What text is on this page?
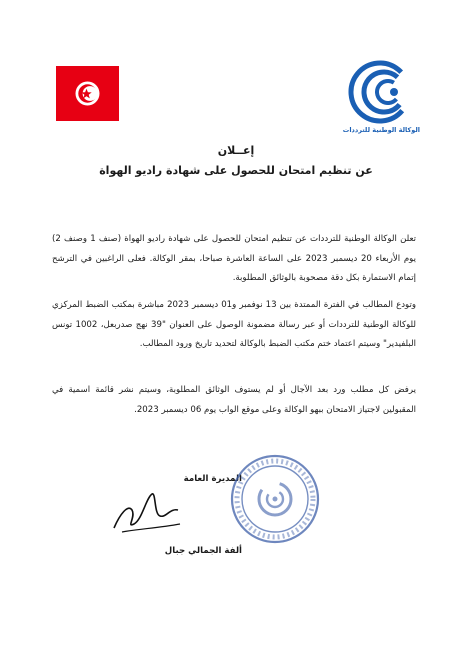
الوكالة الوطنية للترددات
إعــلان
عن تنظيم امتحان للحصول على شهادة راديو الهواة
تعلن الوكالة الوطنية للترددات عن تنظيم امتحان للحصول على شهادة راديو الهواة (صنف 1 وصنف 2) يوم الأربعاء 20 ديسمبر 2023 على الساعة العاشرة صباحا، بمقر الوكالة. فعلى الراغبين في الترشح إتمام الاستمارة بكل دقة مصحوبة بالوثائق المطلوبة.
وتودع المطالب في الفترة الممتدة بين 13 نوفمبر و01 ديسمبر 2023 مباشرة بمكتب الضبط المركزي للوكالة الوطنية للترددات أو عبر رسالة مضمونة الوصول على العنوان "39 نهج صدربعل، 1002 تونس البلفيدير" وسيتم اعتماد ختم مكتب الضبط بالوكالة لتحديد تاريخ ورود المطالب.
يرفض كل مطلب ورد بعد الآجال أو لم يستوف الوثائق المطلوبة، وسيتم نشر قائمة اسمية في المقبولين لاجتياز الامتحان ببهو الوكالة وعلى موقع الواب يوم 06 ديسمبر 2023.
المديرة العامة
ألفة الجمالي جبال
